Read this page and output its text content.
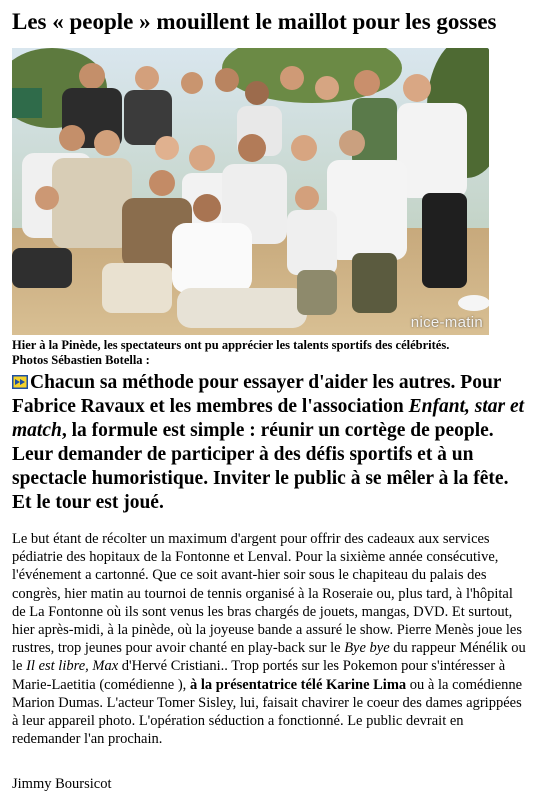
Les « people » mouillent le maillot pour les gosses
nice-matin
Hier à la Pinède, les spectateurs ont pu apprécier les talents sportifs des célébrités.
Photos Sébastien Botella :
Chacun sa méthode pour essayer d'aider les autres. Pour Fabrice Ravaux et les membres de l'association Enfant, star et match, la formule est simple : réunir un cortège de people. Leur demander de participer à des défis sportifs et à un spectacle humoristique. Inviter le public à se mêler à la fête. Et le tour est joué.
Le but étant de récolter un maximum d'argent pour offrir des cadeaux aux services pédiatrie des hopitaux de la Fontonne et Lenval. Pour la sixième année consécutive, l'événement a cartonné. Que ce soit avant-hier soir sous le chapiteau du palais des congrès, hier matin au tournoi de tennis organisé à la Roseraie ou, plus tard, à l'hôpital de La Fontonne où ils sont venus les bras chargés de jouets, mangas, DVD. Et surtout, hier après-midi, à la pinède, où la joyeuse bande a assuré le show. Pierre Menès joue les rustres, trop jeunes pour avoir chanté en play-back sur le Bye bye du rappeur Ménélik ou le Il est libre, Max d'Hervé Cristiani.. Trop portés sur les Pokemon pour s'intéresser à Marie-Laetitia (comédienne ), à la présentatrice télé Karine Lima ou à la comédienne Marion Dumas. L'acteur Tomer Sisley, lui, faisait chavirer le coeur des dames agrippées à leur appareil photo. L'opération séduction a fonctionné. Le public devrait en redemander l'an prochain.
Jimmy Boursicot
